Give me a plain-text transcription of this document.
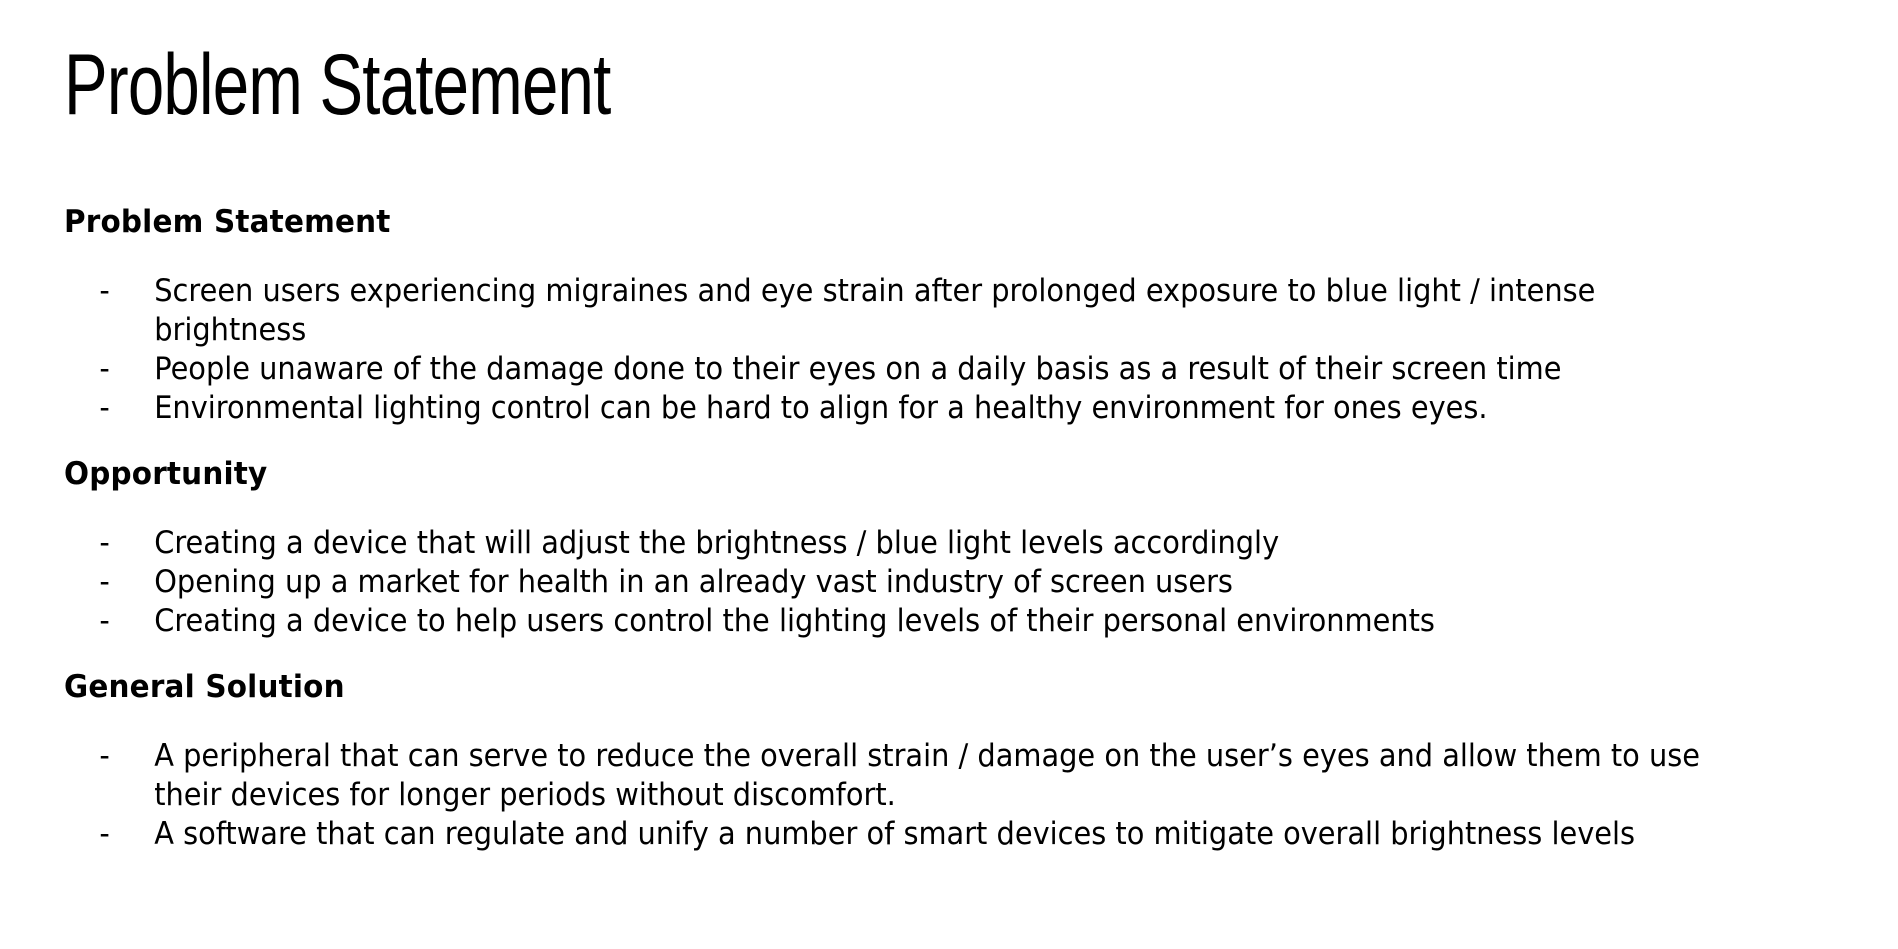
Problem Statement
Problem Statement
- Screen users experiencing migraines and eye strain after prolonged exposure to blue light / intense brightness
- People unaware of the damage done to their eyes on a daily basis as a result of their screen time
- Environmental lighting control can be hard to align for a healthy environment for ones eyes.
Opportunity
- Creating a device that will adjust the brightness / blue light levels accordingly
- Opening up a market for health in an already vast industry of screen users
- Creating a device to help users control the lighting levels of their personal environments
General Solution
- A peripheral that can serve to reduce the overall strain / damage on the user’s eyes and allow them to use their devices for longer periods without discomfort.
- A software that can regulate and unify a number of smart devices to mitigate overall brightness levels
